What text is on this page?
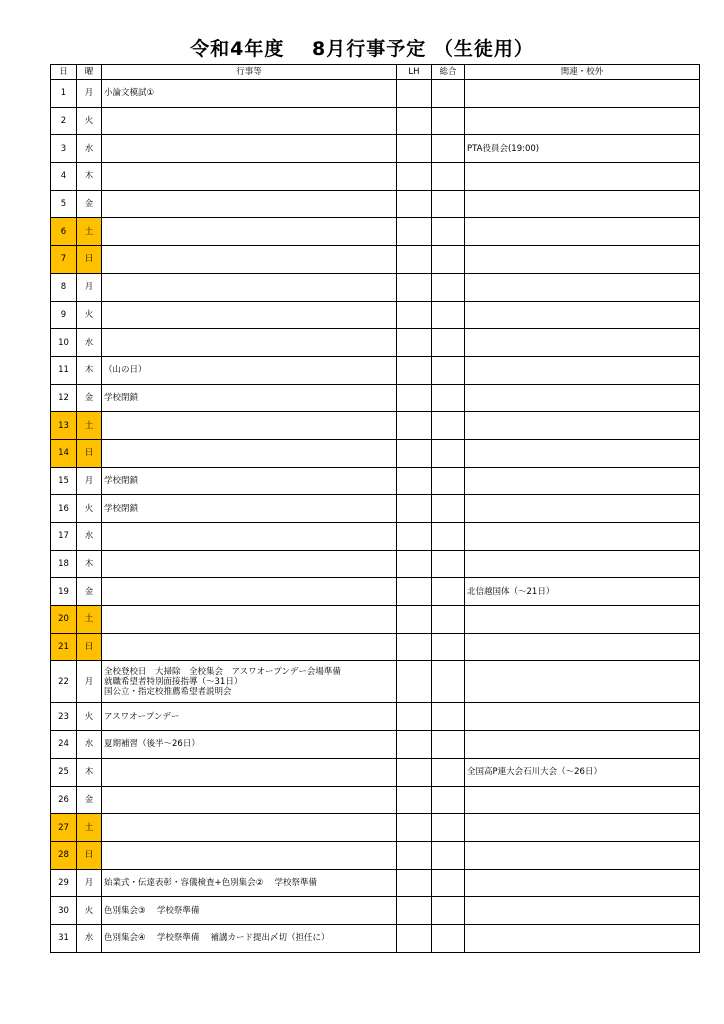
令和4年度　 8月行事予定 （生徒用）
日	曜	行事等	LH	総合	関連・校外
1	月	小論文模試①			
2	火				
3	水				PTA役員会(19:00)
4	木				
5	金				
6	土				
7	日				
8	月				
9	火				
10	水				
11	木	（山の日）			
12	金	学校閉鎖			
13	土				
14	日				
15	月	学校閉鎖			
16	火	学校閉鎖			
17	水				
18	木				
19	金				北信越国体（～21日）
20	土				
21	日				
22	月	全校登校日　大掃除　全校集会　アスワオープンデー会場準備
就職希望者特別面接指導（～31日）
国公立・指定校推薦希望者説明会			
23	火	アスワオープンデー			
24	水	夏期補習（後半～26日）			
25	木				全国高P連大会石川大会（～26日）
26	金				
27	土				
28	日				
29	月	始業式・伝達表彰・容儀検査+色別集会②　 学校祭準備			
30	火	色別集会③　 学校祭準備			
31	水	色別集会④　 学校祭準備　 補講カード提出〆切（担任に）			
